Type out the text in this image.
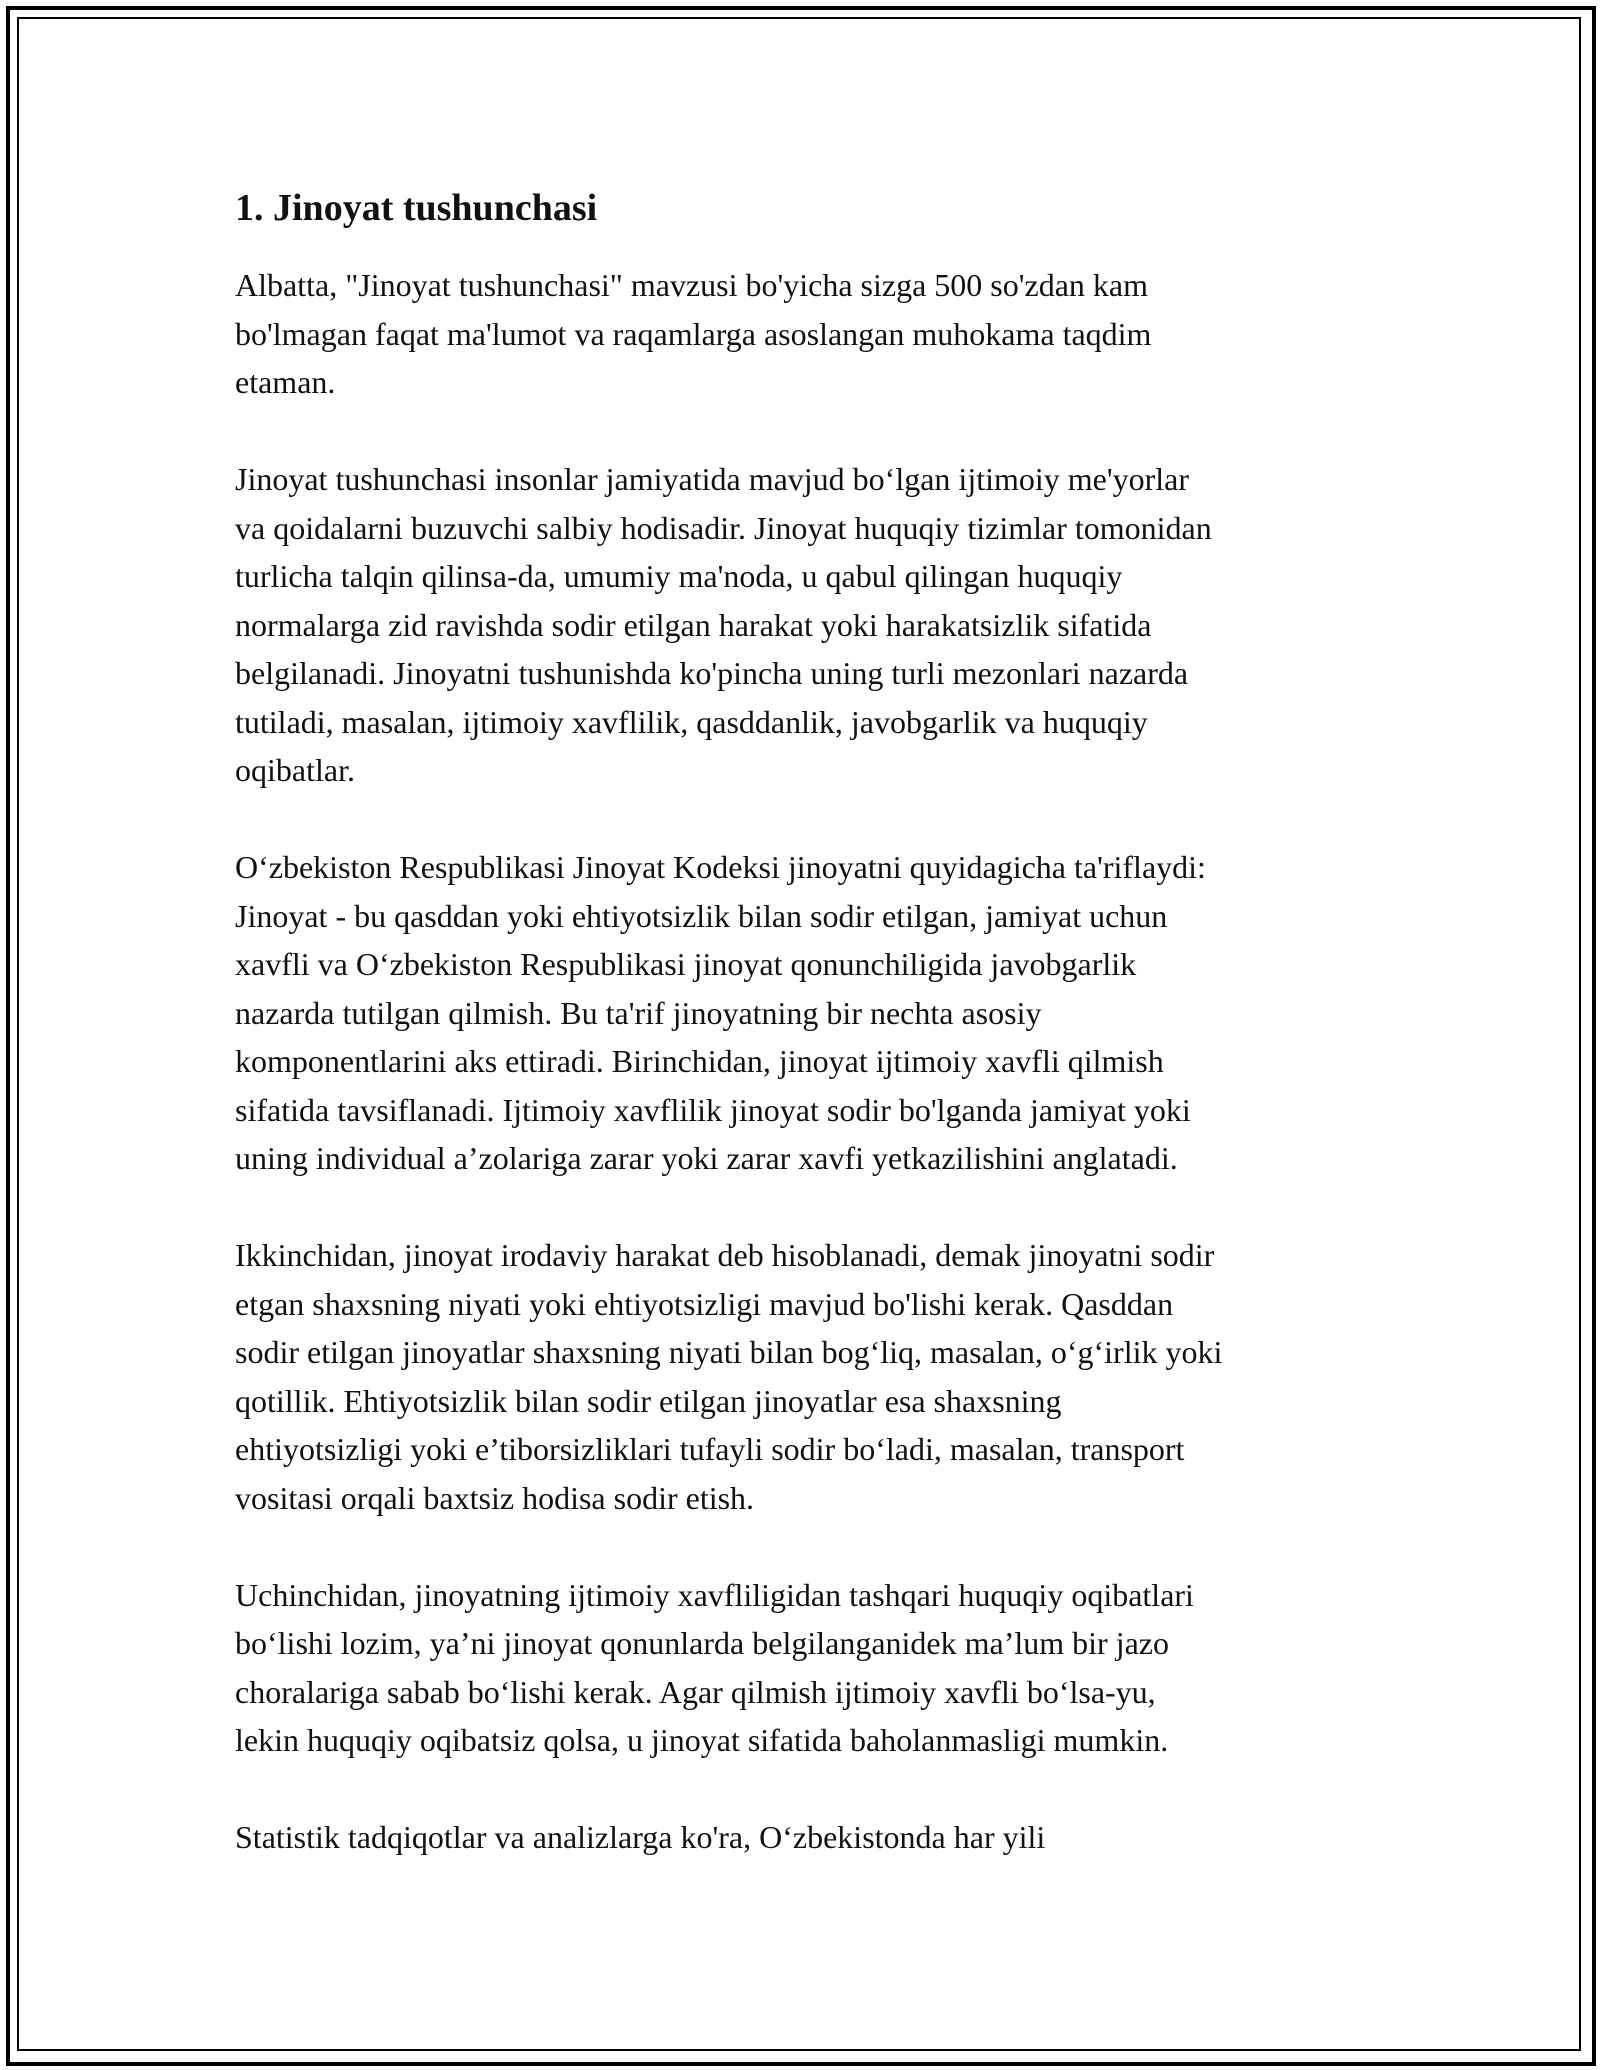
1. Jinoyat tushunchasi

Albatta, "Jinoyat tushunchasi" mavzusi bo'yicha sizga 500 so'zdan kam
bo'lmagan faqat ma'lumot va raqamlarga asoslangan muhokama taqdim
etaman.

Jinoyat tushunchasi insonlar jamiyatida mavjud bo‘lgan ijtimoiy me'yorlar
va qoidalarni buzuvchi salbiy hodisadir. Jinoyat huquqiy tizimlar tomonidan
turlicha talqin qilinsa-da, umumiy ma'noda, u qabul qilingan huquqiy
normalarga zid ravishda sodir etilgan harakat yoki harakatsizlik sifatida
belgilanadi. Jinoyatni tushunishda ko'pincha uning turli mezonlari nazarda
tutiladi, masalan, ijtimoiy xavflilik, qasddanlik, javobgarlik va huquqiy
oqibatlar.

O‘zbekiston Respublikasi Jinoyat Kodeksi jinoyatni quyidagicha ta'riflaydi:
Jinoyat - bu qasddan yoki ehtiyotsizlik bilan sodir etilgan, jamiyat uchun
xavfli va O‘zbekiston Respublikasi jinoyat qonunchiligida javobgarlik
nazarda tutilgan qilmish. Bu ta'rif jinoyatning bir nechta asosiy
komponentlarini aks ettiradi. Birinchidan, jinoyat ijtimoiy xavfli qilmish
sifatida tavsiflanadi. Ijtimoiy xavflilik jinoyat sodir bo'lganda jamiyat yoki
uning individual a’zolariga zarar yoki zarar xavfi yetkazilishini anglatadi.

Ikkinchidan, jinoyat irodaviy harakat deb hisoblanadi, demak jinoyatni sodir
etgan shaxsning niyati yoki ehtiyotsizligi mavjud bo'lishi kerak. Qasddan
sodir etilgan jinoyatlar shaxsning niyati bilan bog‘liq, masalan, o‘g‘irlik yoki
qotillik. Ehtiyotsizlik bilan sodir etilgan jinoyatlar esa shaxsning
ehtiyotsizligi yoki e’tiborsizliklari tufayli sodir bo‘ladi, masalan, transport
vositasi orqali baxtsiz hodisa sodir etish.

Uchinchidan, jinoyatning ijtimoiy xavfliligidan tashqari huquqiy oqibatlari
bo‘lishi lozim, ya’ni jinoyat qonunlarda belgilanganidek ma’lum bir jazo
choralariga sabab bo‘lishi kerak. Agar qilmish ijtimoiy xavfli bo‘lsa-yu,
lekin huquqiy oqibatsiz qolsa, u jinoyat sifatida baholanmasligi mumkin.

Statistik tadqiqotlar va analizlarga ko'ra, O‘zbekistonda har yili
